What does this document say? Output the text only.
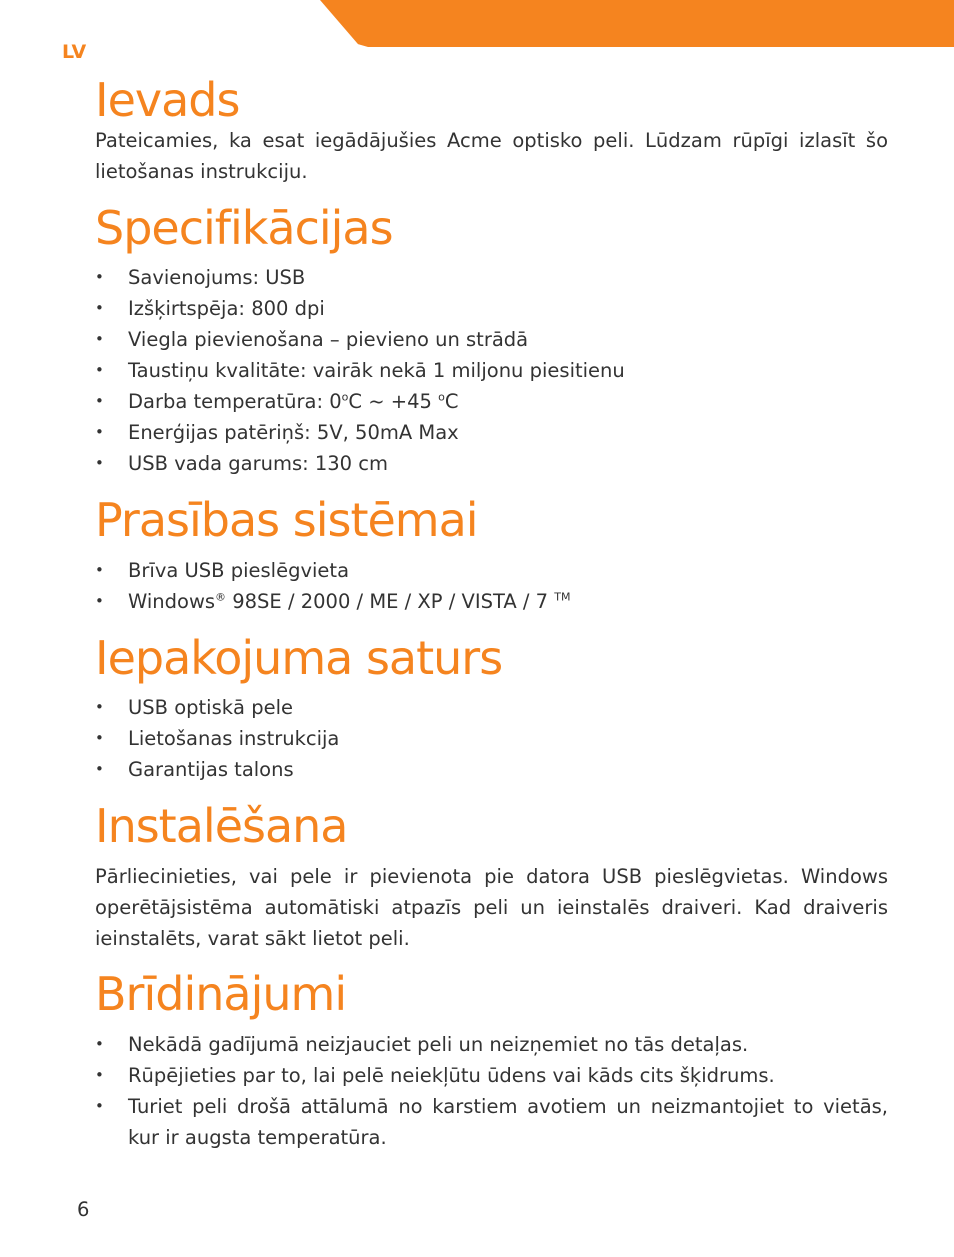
LV
Ievads

Pateicamies, ka esat iegādājušies Acme optisko peli. Lūdzam rūpīgi izlasīt šo lietošanas instrukciju.

Specifikācijas
• Savienojums: USB
• Izšķirtspēja: 800 dpi
• Viegla pievienošana – pievieno un strādā
• Taustiņu kvalitāte: vairāk nekā 1 miljonu piesitienu
• Darba temperatūra: 0$^o$C ~ +45 $^o$C
• Enerģijas patēriņš: 5V, 50mA Max
• USB vada garums: 130 cm
Prasības sistēmai
• Brīva USB pieslēgvieta
• Windows® 98SE / 2000 / ME / XP / VISTA / 7 ™
Iepakojuma saturs
• USB optiskā pele
• Lietošanas instrukcija
• Garantijas talons
Instalēšana

Pārliecinieties, vai pele ir pievienota pie datora USB pieslēgvietas. Windows operētājsistēma automātiski atpazīs peli un ieinstalēs draiveri. Kad draiveris ieinstalēts, varat sākt lietot peli.

Brīdinājumi
• Nekādā gadījumā neizjauciet peli un neizņemiet no tās detaļas.
• Rūpējieties par to, lai pelē neiekļūtu ūdens vai kāds cits šķidrums.
• Turiet peli drošā attālumā no karstiem avotiem un neizmantojiet to vietās, kur ir augsta temperatūra.
6
